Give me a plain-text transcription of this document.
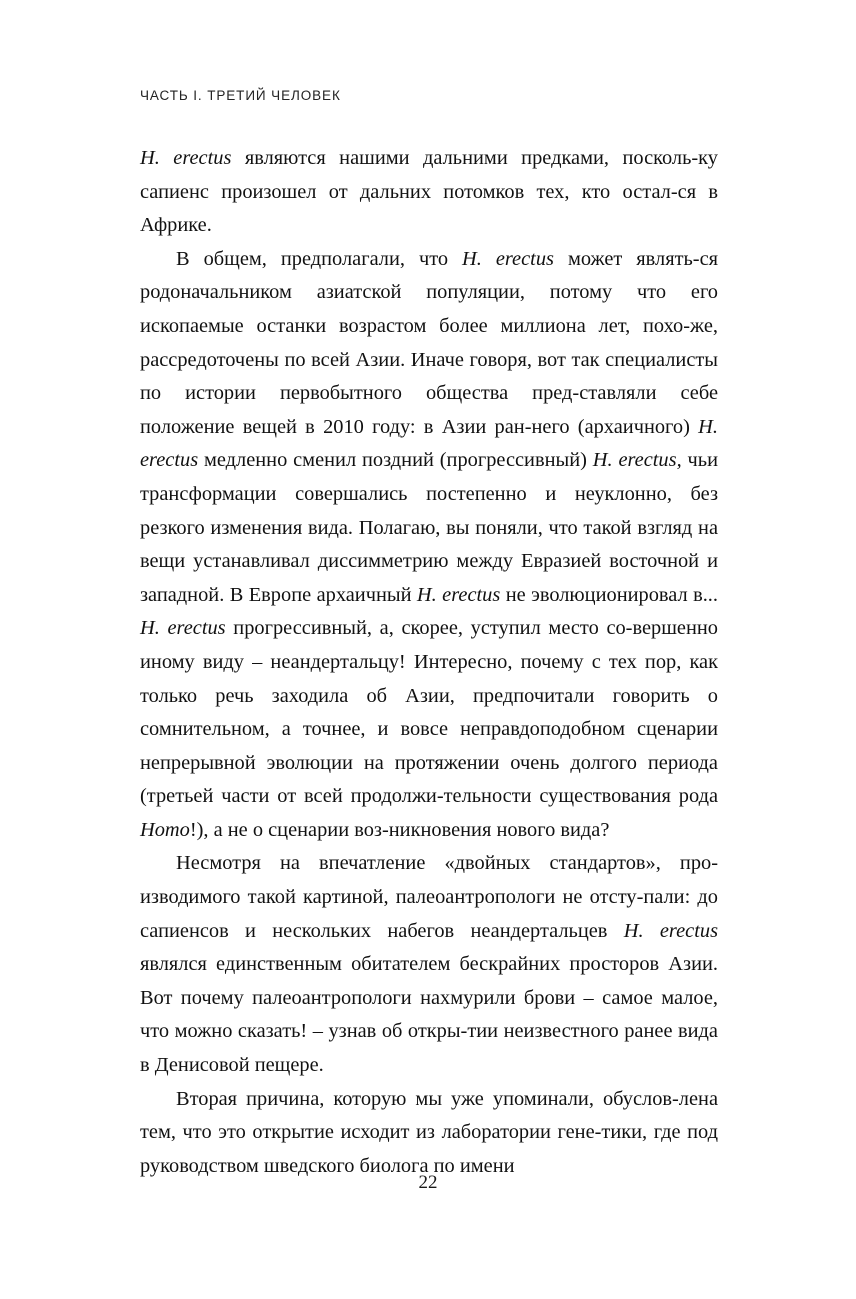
ЧАСТЬ I. ТРЕТИЙ ЧЕЛОВЕК

H. erectus являются нашими дальними предками, посколь-ку сапиенс произошел от дальних потомков тех, кто остал-ся в Африке.

В общем, предполагали, что H. erectus может являть-ся родоначальником азиатской популяции, потому что его ископаемые останки возрастом более миллиона лет, похо-же, рассредоточены по всей Азии. Иначе говоря, вот так специалисты по истории первобытного общества пред-ставляли себе положение вещей в 2010 году: в Азии ран-него (архаичного) H. erectus медленно сменил поздний (прогрессивный) H. erectus, чьи трансформации совершались постепенно и неуклонно, без резкого изменения вида. Полагаю, вы поняли, что такой взгляд на вещи устанавливал диссимметрию между Евразией восточной и западной. В Европе архаичный H. erectus не эволюционировал в... H. erectus прогрессивный, а, скорее, уступил место со-вершенно иному виду – неандертальцу! Интересно, почему с тех пор, как только речь заходила об Азии, предпочитали говорить о сомнительном, а точнее, и вовсе неправдоподобном сценарии непрерывной эволюции на протяжении очень долгого периода (третьей части от всей продолжи-тельности существования рода Homo!), а не о сценарии воз-никновения нового вида?

Несмотря на впечатление «двойных стандартов», про-изводимого такой картиной, палеоантропологи не отсту-пали: до сапиенсов и нескольких набегов неандертальцев H. erectus являлся единственным обитателем бескрайних просторов Азии. Вот почему палеоантропологи нахмурили брови – самое малое, что можно сказать! – узнав об откры-тии неизвестного ранее вида в Денисовой пещере.

Вторая причина, которую мы уже упоминали, обуслов-лена тем, что это открытие исходит из лаборатории гене-тики, где под руководством шведского биолога по имени

22
